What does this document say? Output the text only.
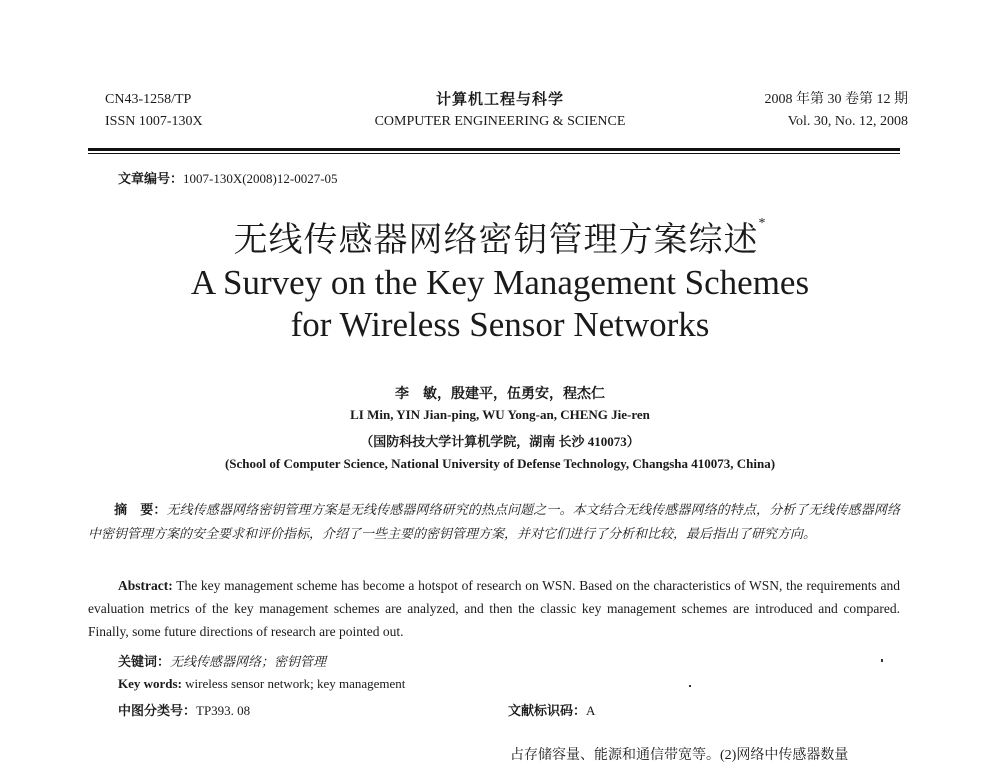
CN43-1258/TP
ISSN 1007-130X
计算机工程与科学
COMPUTER ENGINEERING & SCIENCE
2008 年第 30 卷第 12 期
Vol. 30, No. 12, 2008
文章编号：1007-130X(2008)12-0027-05
无线传感器网络密钥管理方案综述*
A Survey on the Key Management Schemes
for Wireless Sensor Networks
李　敏，殷建平，伍勇安，程杰仁
LI Min, YIN Jian-ping, WU Yong-an, CHENG Jie-ren
（国防科技大学计算机学院，湖南 长沙 410073）
(School of Computer Science, National University of Defense Technology, Changsha 410073, China)
摘　要：无线传感器网络密钥管理方案是无线传感器网络研究的热点问题之一。本文结合无线传感器网络的特点，分析了无线传感器网络中密钥管理方案的安全要求和评价指标，介绍了一些主要的密钥管理方案，并对它们进行了分析和比较，最后指出了研究方向。
Abstract: The key management scheme has become a hotspot of research on WSN. Based on the characteristics of WSN, the requirements and evaluation metrics of the key management schemes are analyzed, and then the classic key management schemes are introduced and compared. Finally, some future directions of research are pointed out.
关键词：无线传感器网络；密钥管理
Key words: wireless sensor network; key management
中图分类号：TP393. 08	文献标识码：A
占存储容量、能源和通信带宽等。(2)网络中传感器数量
